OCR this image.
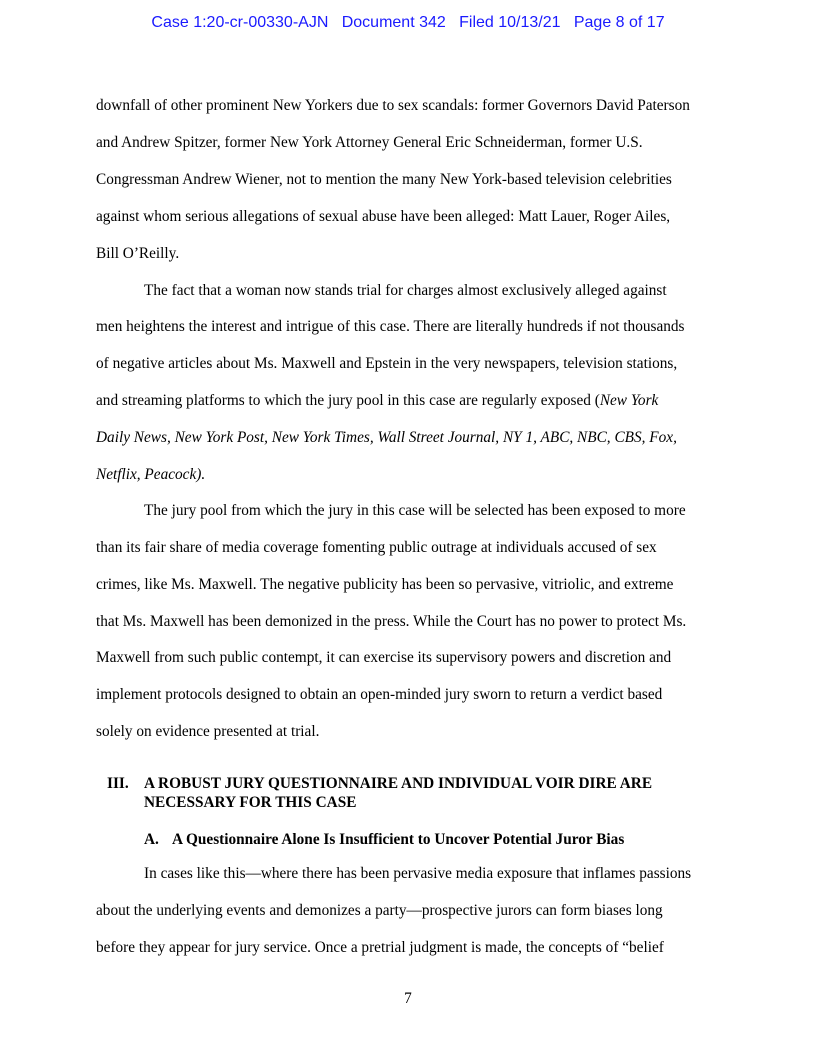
Case 1:20-cr-00330-AJN   Document 342   Filed 10/13/21   Page 8 of 17
downfall of other prominent New Yorkers due to sex scandals: former Governors David Paterson
and Andrew Spitzer, former New York Attorney General Eric Schneiderman, former U.S.
Congressman Andrew Wiener, not to mention the many New York-based television celebrities
against whom serious allegations of sexual abuse have been alleged: Matt Lauer, Roger Ailes,
Bill O’Reilly.
The fact that a woman now stands trial for charges almost exclusively alleged against
men heightens the interest and intrigue of this case. There are literally hundreds if not thousands
of negative articles about Ms. Maxwell and Epstein in the very newspapers, television stations,
and streaming platforms to which the jury pool in this case are regularly exposed (New York
Daily News, New York Post, New York Times, Wall Street Journal, NY 1, ABC, NBC, CBS, Fox,
Netflix, Peacock).
The jury pool from which the jury in this case will be selected has been exposed to more
than its fair share of media coverage fomenting public outrage at individuals accused of sex
crimes, like Ms. Maxwell. The negative publicity has been so pervasive, vitriolic, and extreme
that Ms. Maxwell has been demonized in the press. While the Court has no power to protect Ms.
Maxwell from such public contempt, it can exercise its supervisory powers and discretion and
implement protocols designed to obtain an open-minded jury sworn to return a verdict based
solely on evidence presented at trial.
III. A ROBUST JURY QUESTIONNAIRE AND INDIVIDUAL VOIR DIRE ARE
NECESSARY FOR THIS CASE
A. A Questionnaire Alone Is Insufficient to Uncover Potential Juror Bias
In cases like this—where there has been pervasive media exposure that inflames passions
about the underlying events and demonizes a party—prospective jurors can form biases long
before they appear for jury service. Once a pretrial judgment is made, the concepts of “belief
7
